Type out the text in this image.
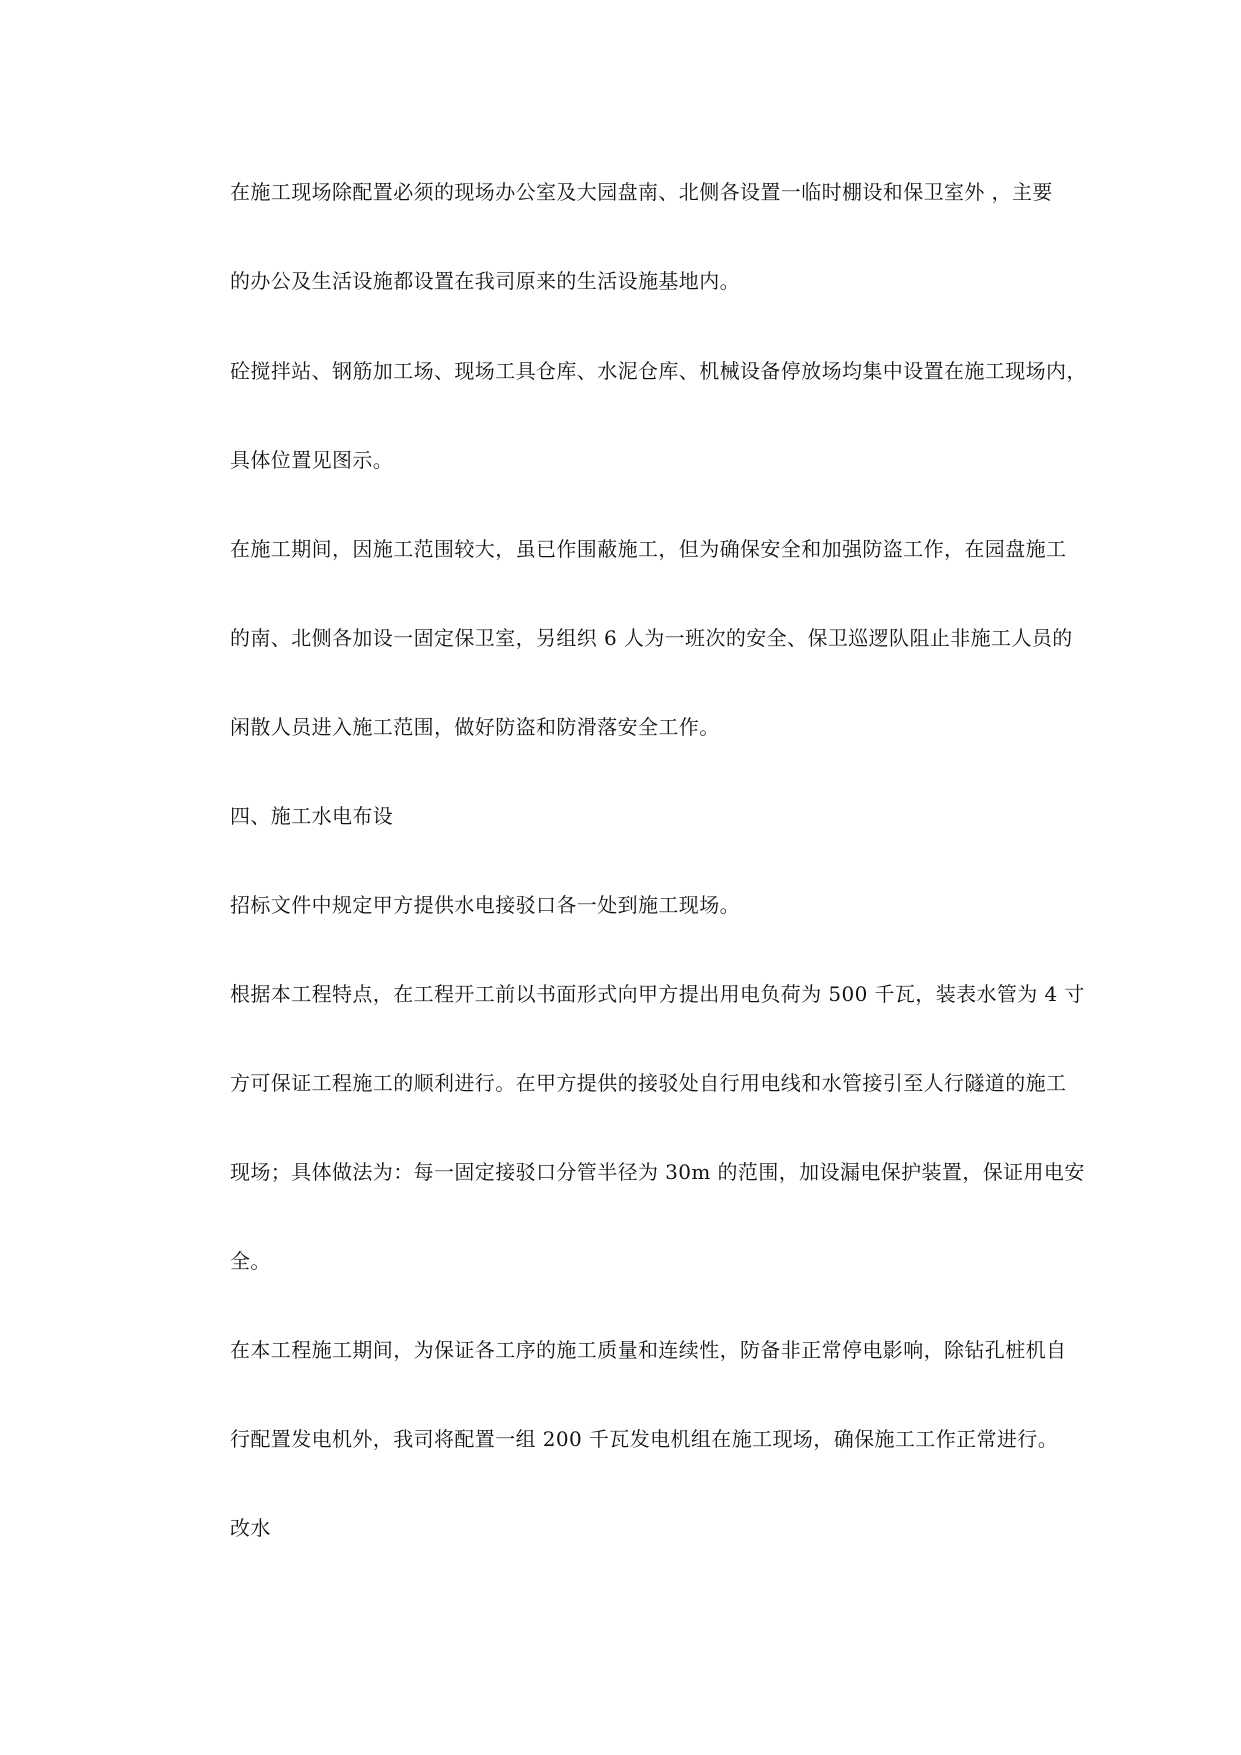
在施工现场除配置必须的现场办公室及大园盘南、北侧各设置一临时棚设和保卫室外 ，主要
的办公及生活设施都设置在我司原来的生活设施基地内。
砼搅拌站、钢筋加工场、现场工具仓库、水泥仓库、机械设备停放场均集中设置在施工现场内，
具体位置见图示。
在施工期间，因施工范围较大，虽已作围蔽施工，但为确保安全和加强防盗工作，在园盘施工
的南、北侧各加设一固定保卫室，另组织 6 人为一班次的安全、保卫巡逻队阻止非施工人员的
闲散人员进入施工范围，做好防盗和防滑落安全工作。
四、施工水电布设
招标文件中规定甲方提供水电接驳口各一处到施工现场。
根据本工程特点，在工程开工前以书面形式向甲方提出用电负荷为 500 千瓦，装表水管为 4 寸
方可保证工程施工的顺利进行。在甲方提供的接驳处自行用电线和水管接引至人行隧道的施工
现场；具体做法为：每一固定接驳口分管半径为 30m 的范围，加设漏电保护装置，保证用电安
全。
在本工程施工期间，为保证各工序的施工质量和连续性，防备非正常停电影响，除钻孔桩机自
行配置发电机外，我司将配置一组 200 千瓦发电机组在施工现场，确保施工工作正常进行。
改水
